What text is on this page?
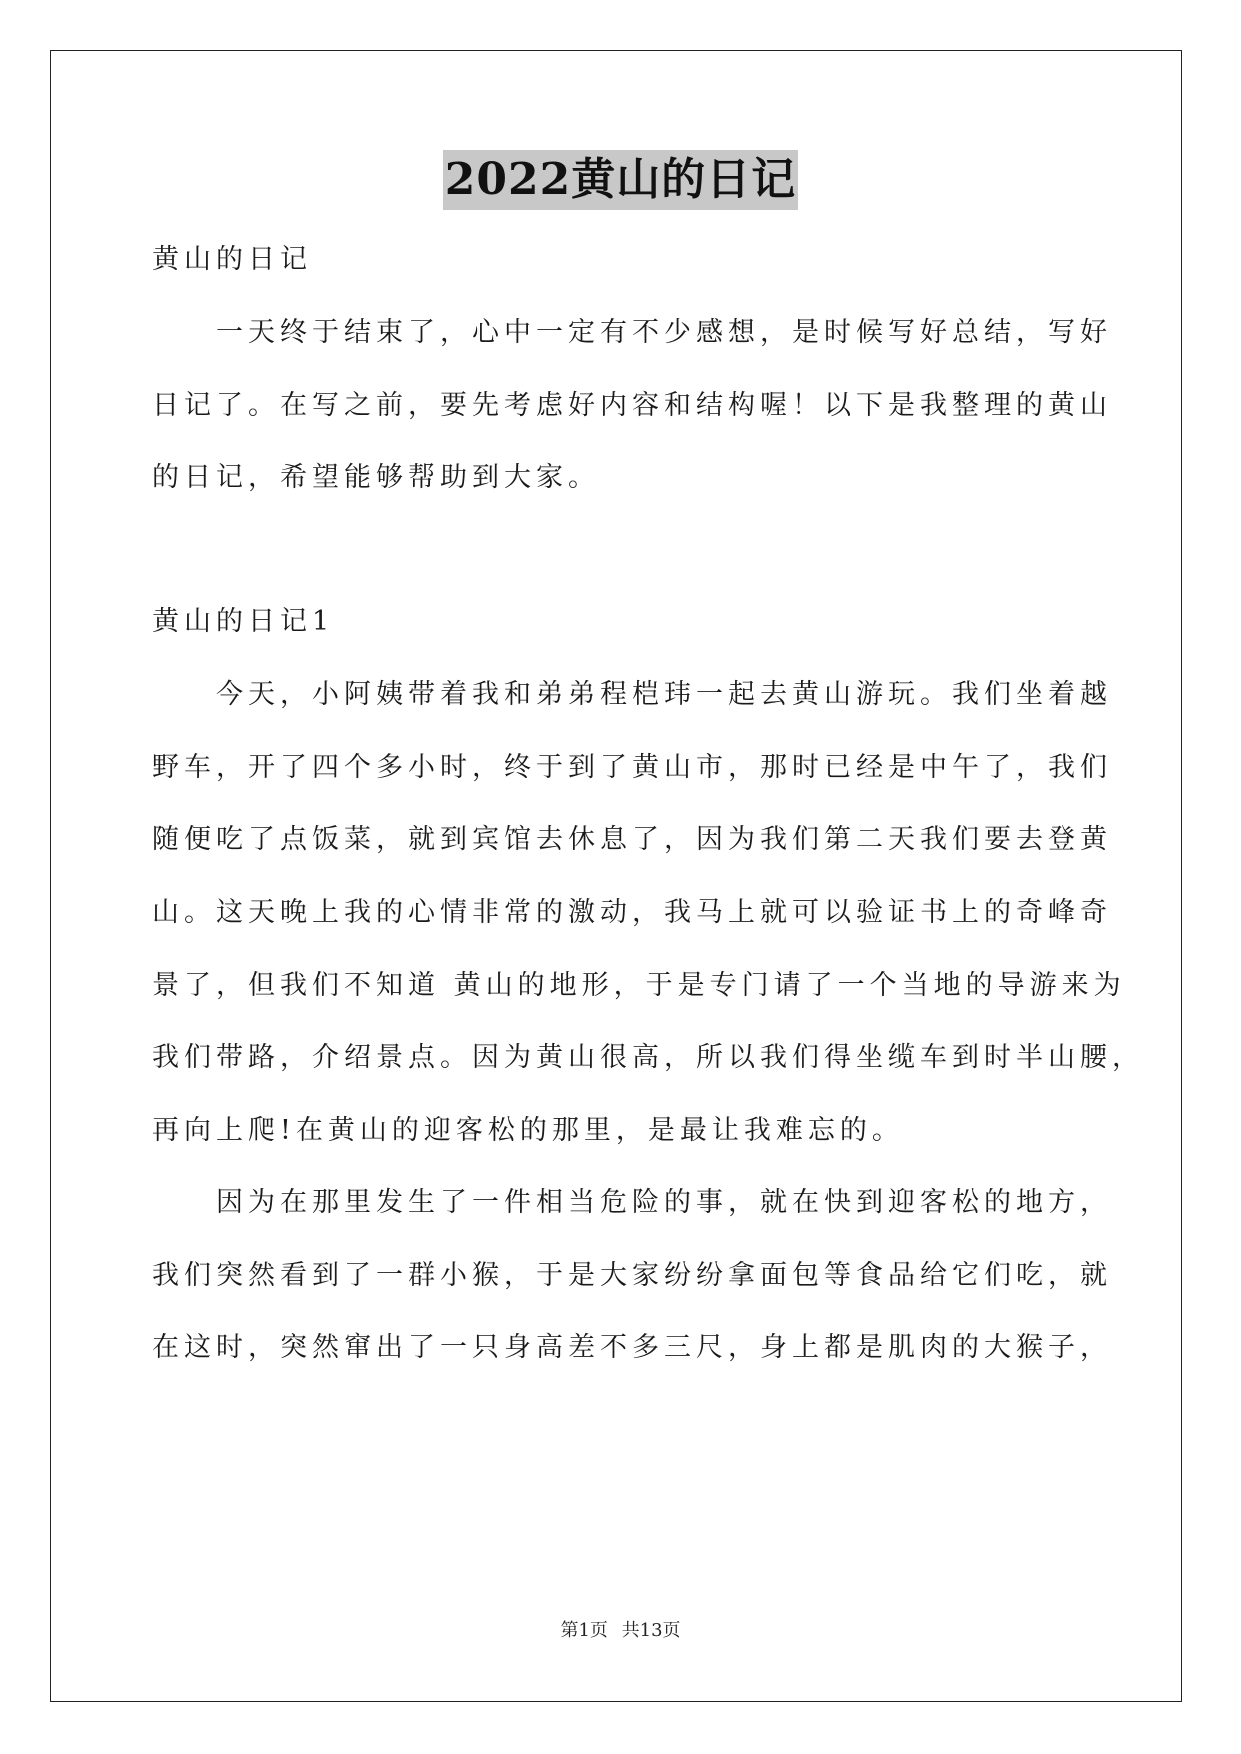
2022黄山的日记
黄山的日记
　　一天终于结束了，心中一定有不少感想，是时候写好总结，写好
日记了。在写之前，要先考虑好内容和结构喔！以下是我整理的黄山
的日记，希望能够帮助到大家。
黄山的日记1
　　今天，小阿姨带着我和弟弟程桤玮一起去黄山游玩。我们坐着越
野车，开了四个多小时，终于到了黄山市，那时已经是中午了，我们
随便吃了点饭菜，就到宾馆去休息了，因为我们第二天我们要去登黄
山。这天晚上我的心情非常的激动，我马上就可以验证书上的奇峰奇
景了，但我们不知道 黄山的地形，于是专门请了一个当地的导游来为
我们带路，介绍景点。因为黄山很高，所以我们得坐缆车到时半山腰，
再向上爬!在黄山的迎客松的那里，是最让我难忘的。
　　因为在那里发生了一件相当危险的事，就在快到迎客松的地方，
我们突然看到了一群小猴，于是大家纷纷拿面包等食品给它们吃，就
在这时，突然窜出了一只身高差不多三尺，身上都是肌肉的大猴子，
第1页 共13页
